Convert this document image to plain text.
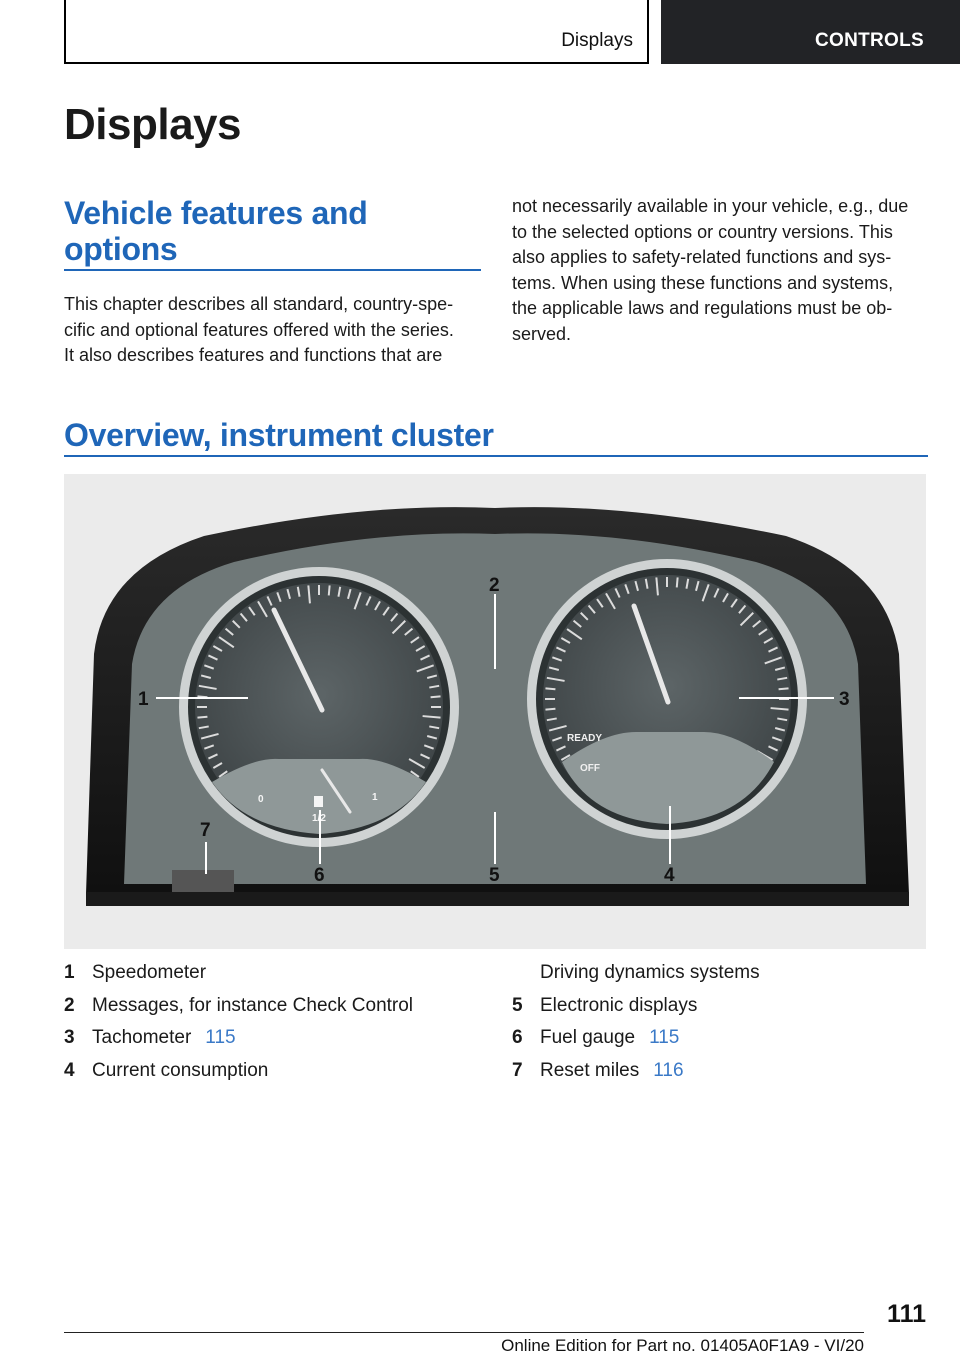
Displays	CONTROLS
Displays
Vehicle features and
options
This chapter describes all standard, country-spe-
cific and optional features offered with the series.
It also describes features and functions that are
not necessarily available in your vehicle, e.g., due
to the selected options or country versions. This
also applies to safety-related functions and sys-
tems. When using these functions and systems,
the applicable laws and regulations must be ob-
served.
Overview, instrument cluster
0
1/2
1
READY
OFF
1
2
3
4
5
6
7
1 Speedometer
2 Messages, for instance Check Control
3 Tachometer 115
4 Current consumption
Driving dynamics systems
5 Electronic displays
6 Fuel gauge 115
7 Reset miles 116
111
Online Edition for Part no. 01405A0F1A9 - VI/20
